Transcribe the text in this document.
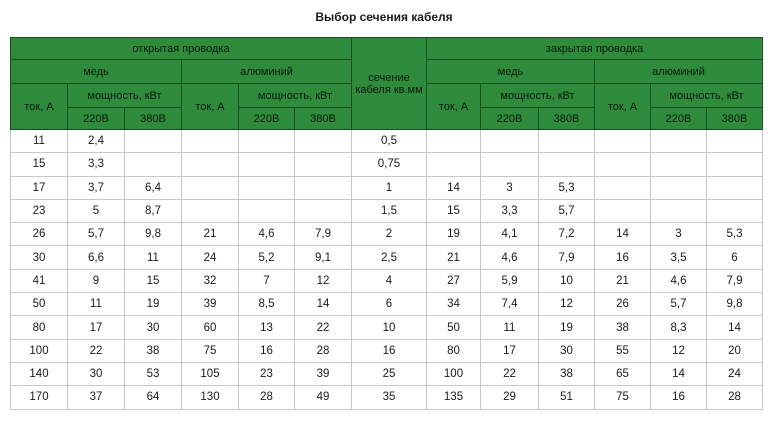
Выбор сечения кабеля
открытая проводка						сечение кабеля кв.мм	закрытая проводка					
медь			алюминий				медь			алюминий		
ток, А	мощность, кВт		ток, А	мощность, кВт			ток, А	мощность, кВт		ток, А	мощность, кВт	
	220В	380В		220В	380В			220В	380В		220В	380В
11	2,4					0,5						
15	3,3					0,75						
17	3,7	6,4				1	14	3	5,3			
23	5	8,7				1,5	15	3,3	5,7			
26	5,7	9,8	21	4,6	7,9	2	19	4,1	7,2	14	3	5,3
30	6,6	11	24	5,2	9,1	2,5	21	4,6	7,9	16	3,5	6
41	9	15	32	7	12	4	27	5,9	10	21	4,6	7,9
50	11	19	39	8,5	14	6	34	7,4	12	26	5,7	9,8
80	17	30	60	13	22	10	50	11	19	38	8,3	14
100	22	38	75	16	28	16	80	17	30	55	12	20
140	30	53	105	23	39	25	100	22	38	65	14	24
170	37	64	130	28	49	35	135	29	51	75	16	28
